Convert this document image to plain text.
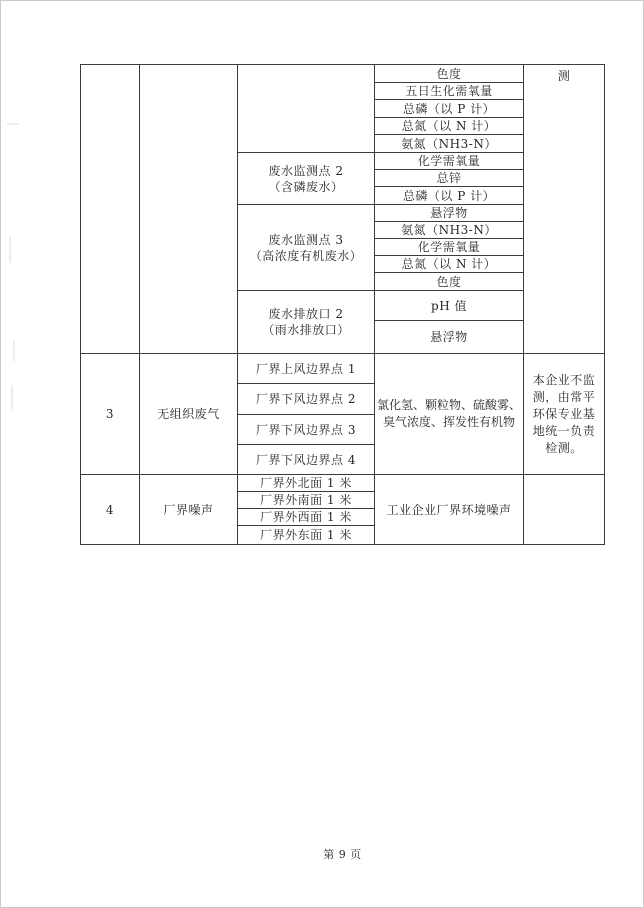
废水监测点 2
（含磷废水）
废水监测点 3
（高浓度有机废水）
废水排放口 2
（雨水排放口）
色度
五日生化需氧量
总磷（以 P 计）
总氮（以 N 计）
氨氮（NH3-N）
化学需氧量
总锌
总磷（以 P 计）
悬浮物
氨氮（NH3-N）
化学需氧量
总氮（以 N 计）
色度
pH 值
悬浮物
测
3	无组织废气
厂界上风边界点 1
厂界下风边界点 2
厂界下风边界点 3
厂界下风边界点 4
氯化氢、颗粒物、硫酸雾、
臭气浓度、挥发性有机物
本企业不监
测，由常平
环保专业基
地统一负责
检测。
4	厂界噪声
厂界外北面 1 米
厂界外南面 1 米
厂界外西面 1 米
厂界外东面 1 米
工业企业厂界环境噪声
第 9 页
